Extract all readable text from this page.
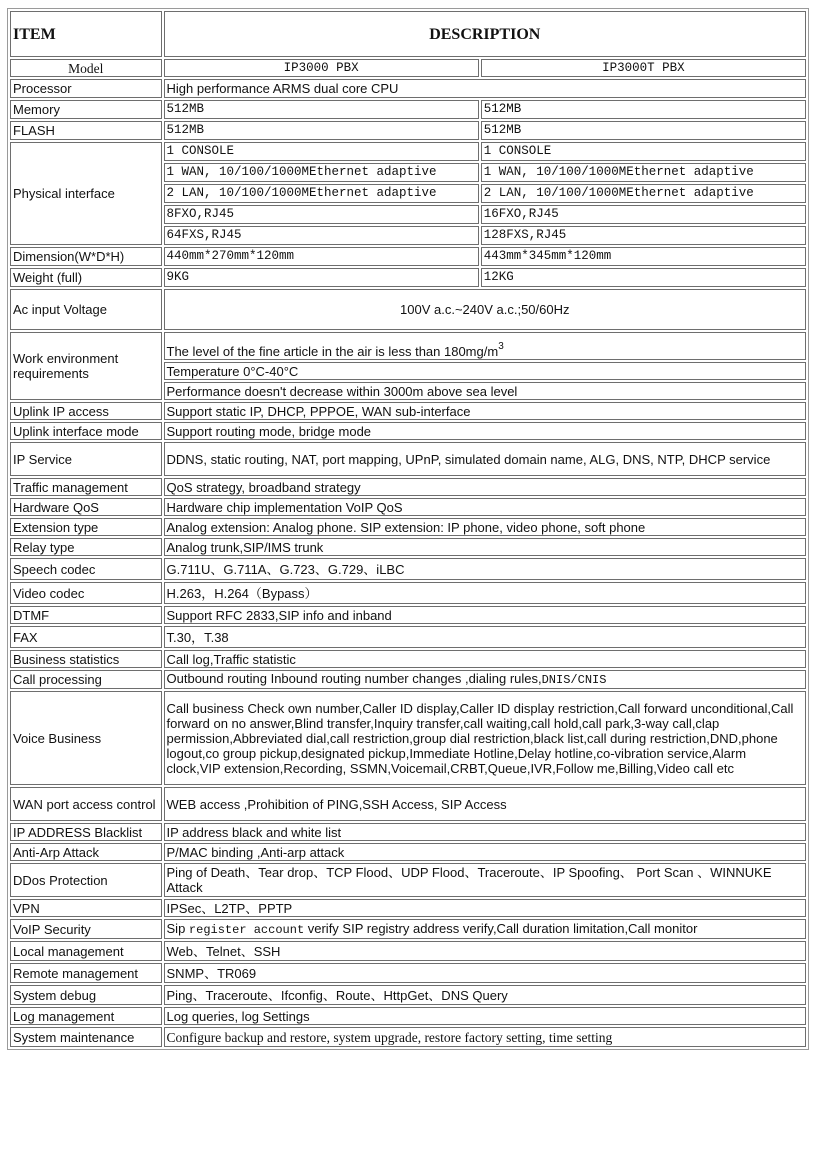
ITEM	DESCRIPTION	
Model	IP3000 PBX	IP3000T PBX
Processor	High performance ARMS dual core CPU	
Memory	512MB	512MB
FLASH	512MB	512MB
Physical interface	1 CONSOLE	1 CONSOLE
	1 WAN, 10/100/1000MEthernet adaptive	1 WAN, 10/100/1000MEthernet adaptive
	2 LAN, 10/100/1000MEthernet adaptive	2 LAN, 10/100/1000MEthernet adaptive
	8FXO,RJ45	16FXO,RJ45
	64FXS,RJ45	128FXS,RJ45
Dimension(W*D*H)	440mm*270mm*120mm	443mm*345mm*120mm
Weight (full)	9KG	12KG
Ac input Voltage	100V a.c.~240V a.c.;50/60Hz	
Work environment requirements	The level of the fine article in the air is less than $180mg/m^3$
	Temperature 0°C-40°C	
	Performance doesn't decrease within 3000m above sea level	
Uplink IP access	Support static IP, DHCP, PPPOE, WAN sub-interface	
Uplink interface mode	Support routing mode, bridge mode	
IP Service	DDNS, static routing, NAT, port mapping, UPnP, simulated domain name, ALG, DNS, NTP, DHCP service	
Traffic management	QoS strategy, broadband strategy	
Hardware QoS	Hardware chip implementation VoIP QoS	
Extension type	Analog extension: Analog phone. SIP extension: IP phone, video phone, soft phone	
Relay type	Analog trunk,SIP/IMS trunk	
Speech codec	G.711U、G.711A、G.723、G.729、iLBC	
Video codec	H.263，H.264（Bypass）	
DTMF	Support RFC 2833,SIP info and inband	
FAX	T.30，T.38	
Business statistics	Call log,Traffic statistic	
Call processing	Outbound routing Inbound routing number changes ,dialing rules,DNIS/CNIS	
Voice Business	Call business Check own number,Caller ID display,Caller ID display restriction,Call forward unconditional,Call forward on no answer,Blind transfer,Inquiry transfer,call waiting,call hold,call park,3-way call,clap permission,Abbreviated dial,call restriction,group dial restriction,black list,call during restriction,DND,phone logout,co group pickup,designated pickup,Immediate Hotline,Delay hotline,co-vibration service,Alarm clock,VIP extension,Recording, SSMN,Voicemail,CRBT,Queue,IVR,Follow me,Billing,Video call etc	
WAN port access control	WEB access ,Prohibition of PING,SSH Access, SIP Access	
IP ADDRESS Blacklist	IP address black and white list	
Anti-Arp Attack	P/MAC binding ,Anti-arp attack	
DDos Protection	Ping of Death、Tear drop、TCP Flood、UDP Flood、Traceroute、IP Spoofing、 Port Scan 、WINNUKE Attack	
VPN	IPSec、L2TP、PPTP	
VoIP Security	Sip register account verify SIP registry address verify,Call duration limitation,Call monitor	
Local management	Web、Telnet、SSH	
Remote management	SNMP、TR069	
System debug	Ping、Traceroute、Ifconfig、Route、HttpGet、DNS Query	
Log management	Log queries, log Settings	
System maintenance	Configure backup and restore, system upgrade, restore factory setting, time setting	
